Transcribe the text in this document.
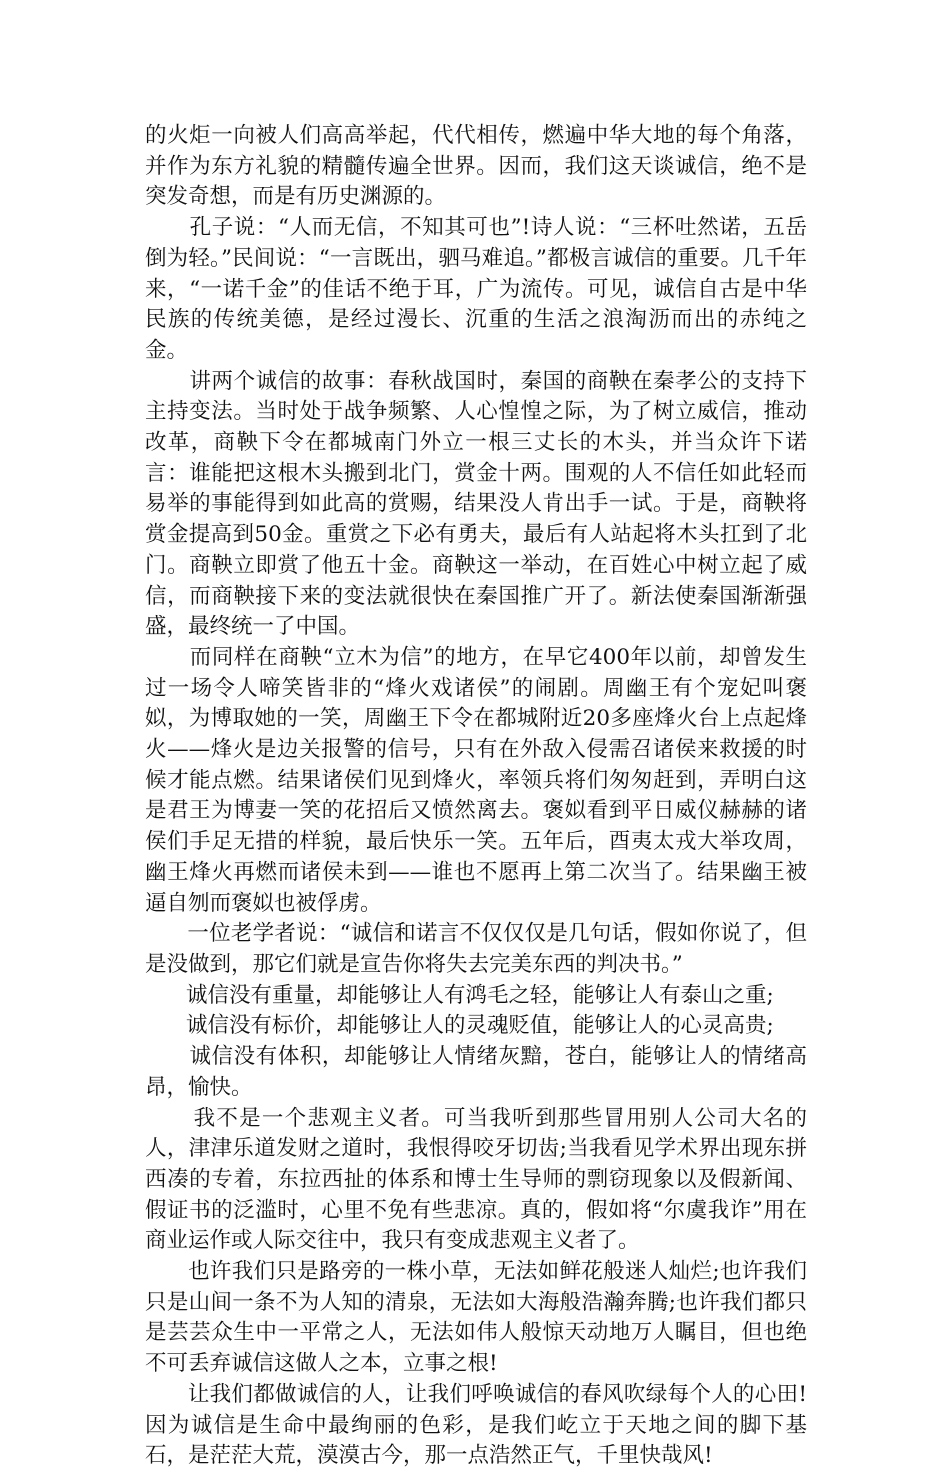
的火炬一向被人们高高举起，代代相传，燃遍中华大地的每个角落，并作为东方礼貌的精髓传遍全世界。因而，我们这天谈诚信，绝不是突发奇想，而是有历史渊源的。

孔子说：“人而无信，不知其可也”!诗人说：“三杯吐然诺，五岳倒为轻。”民间说：“一言既出，驷马难追。”都极言诚信的重要。几千年来，“一诺千金”的佳话不绝于耳，广为流传。可见，诚信自古是中华民族的传统美德，是经过漫长、沉重的生活之浪淘沥而出的赤纯之金。

讲两个诚信的故事：春秋战国时，秦国的商鞅在秦孝公的支持下主持变法。当时处于战争频繁、人心惶惶之际，为了树立威信，推动改革，商鞅下令在都城南门外立一根三丈长的木头，并当众许下诺言：谁能把这根木头搬到北门，赏金十两。围观的人不信任如此轻而易举的事能得到如此高的赏赐，结果没人肯出手一试。于是，商鞅将赏金提高到50金。重赏之下必有勇夫，最后有人站起将木头扛到了北门。商鞅立即赏了他五十金。商鞅这一举动，在百姓心中树立起了威信，而商鞅接下来的变法就很快在秦国推广开了。新法使秦国渐渐强盛，最终统一了中国。

而同样在商鞅“立木为信”的地方，在早它400年以前，却曾发生过一场令人啼笑皆非的“烽火戏诸侯”的闹剧。周幽王有个宠妃叫褒姒，为博取她的一笑，周幽王下令在都城附近20多座烽火台上点起烽火——烽火是边关报警的信号，只有在外敌入侵需召诸侯来救援的时候才能点燃。结果诸侯们见到烽火，率领兵将们匆匆赶到，弄明白这是君王为博妻一笑的花招后又愤然离去。褒姒看到平日威仪赫赫的诸侯们手足无措的样貌，最后快乐一笑。五年后，酉夷太戎大举攻周，幽王烽火再燃而诸侯未到——谁也不愿再上第二次当了。结果幽王被逼自刎而褒姒也被俘虏。

一位老学者说：“诚信和诺言不仅仅仅是几句话，假如你说了，但是没做到，那它们就是宣告你将失去完美东西的判决书。”

诚信没有重量，却能够让人有鸿毛之轻，能够让人有泰山之重;

诚信没有标价，却能够让人的灵魂贬值，能够让人的心灵高贵;

诚信没有体积，却能够让人情绪灰黯，苍白，能够让人的情绪高昂，愉快。

我不是一个悲观主义者。可当我听到那些冒用别人公司大名的人，津津乐道发财之道时，我恨得咬牙切齿;当我看见学术界出现东拼西凑的专着，东拉西扯的体系和博士生导师的剽窃现象以及假新闻、假证书的泛滥时，心里不免有些悲凉。真的，假如将“尔虞我诈”用在商业运作或人际交往中，我只有变成悲观主义者了。

也许我们只是路旁的一株小草，无法如鲜花般迷人灿烂;也许我们只是山间一条不为人知的清泉，无法如大海般浩瀚奔腾;也许我们都只是芸芸众生中一平常之人，无法如伟人般惊天动地万人瞩目，但也绝不可丢弃诚信这做人之本，立事之根!

让我们都做诚信的人，让我们呼唤诚信的春风吹绿每个人的心田!因为诚信是生命中最绚丽的色彩，是我们屹立于天地之间的脚下基石，是茫茫大荒，漠漠古今，那一点浩然正气，千里快哉风!
